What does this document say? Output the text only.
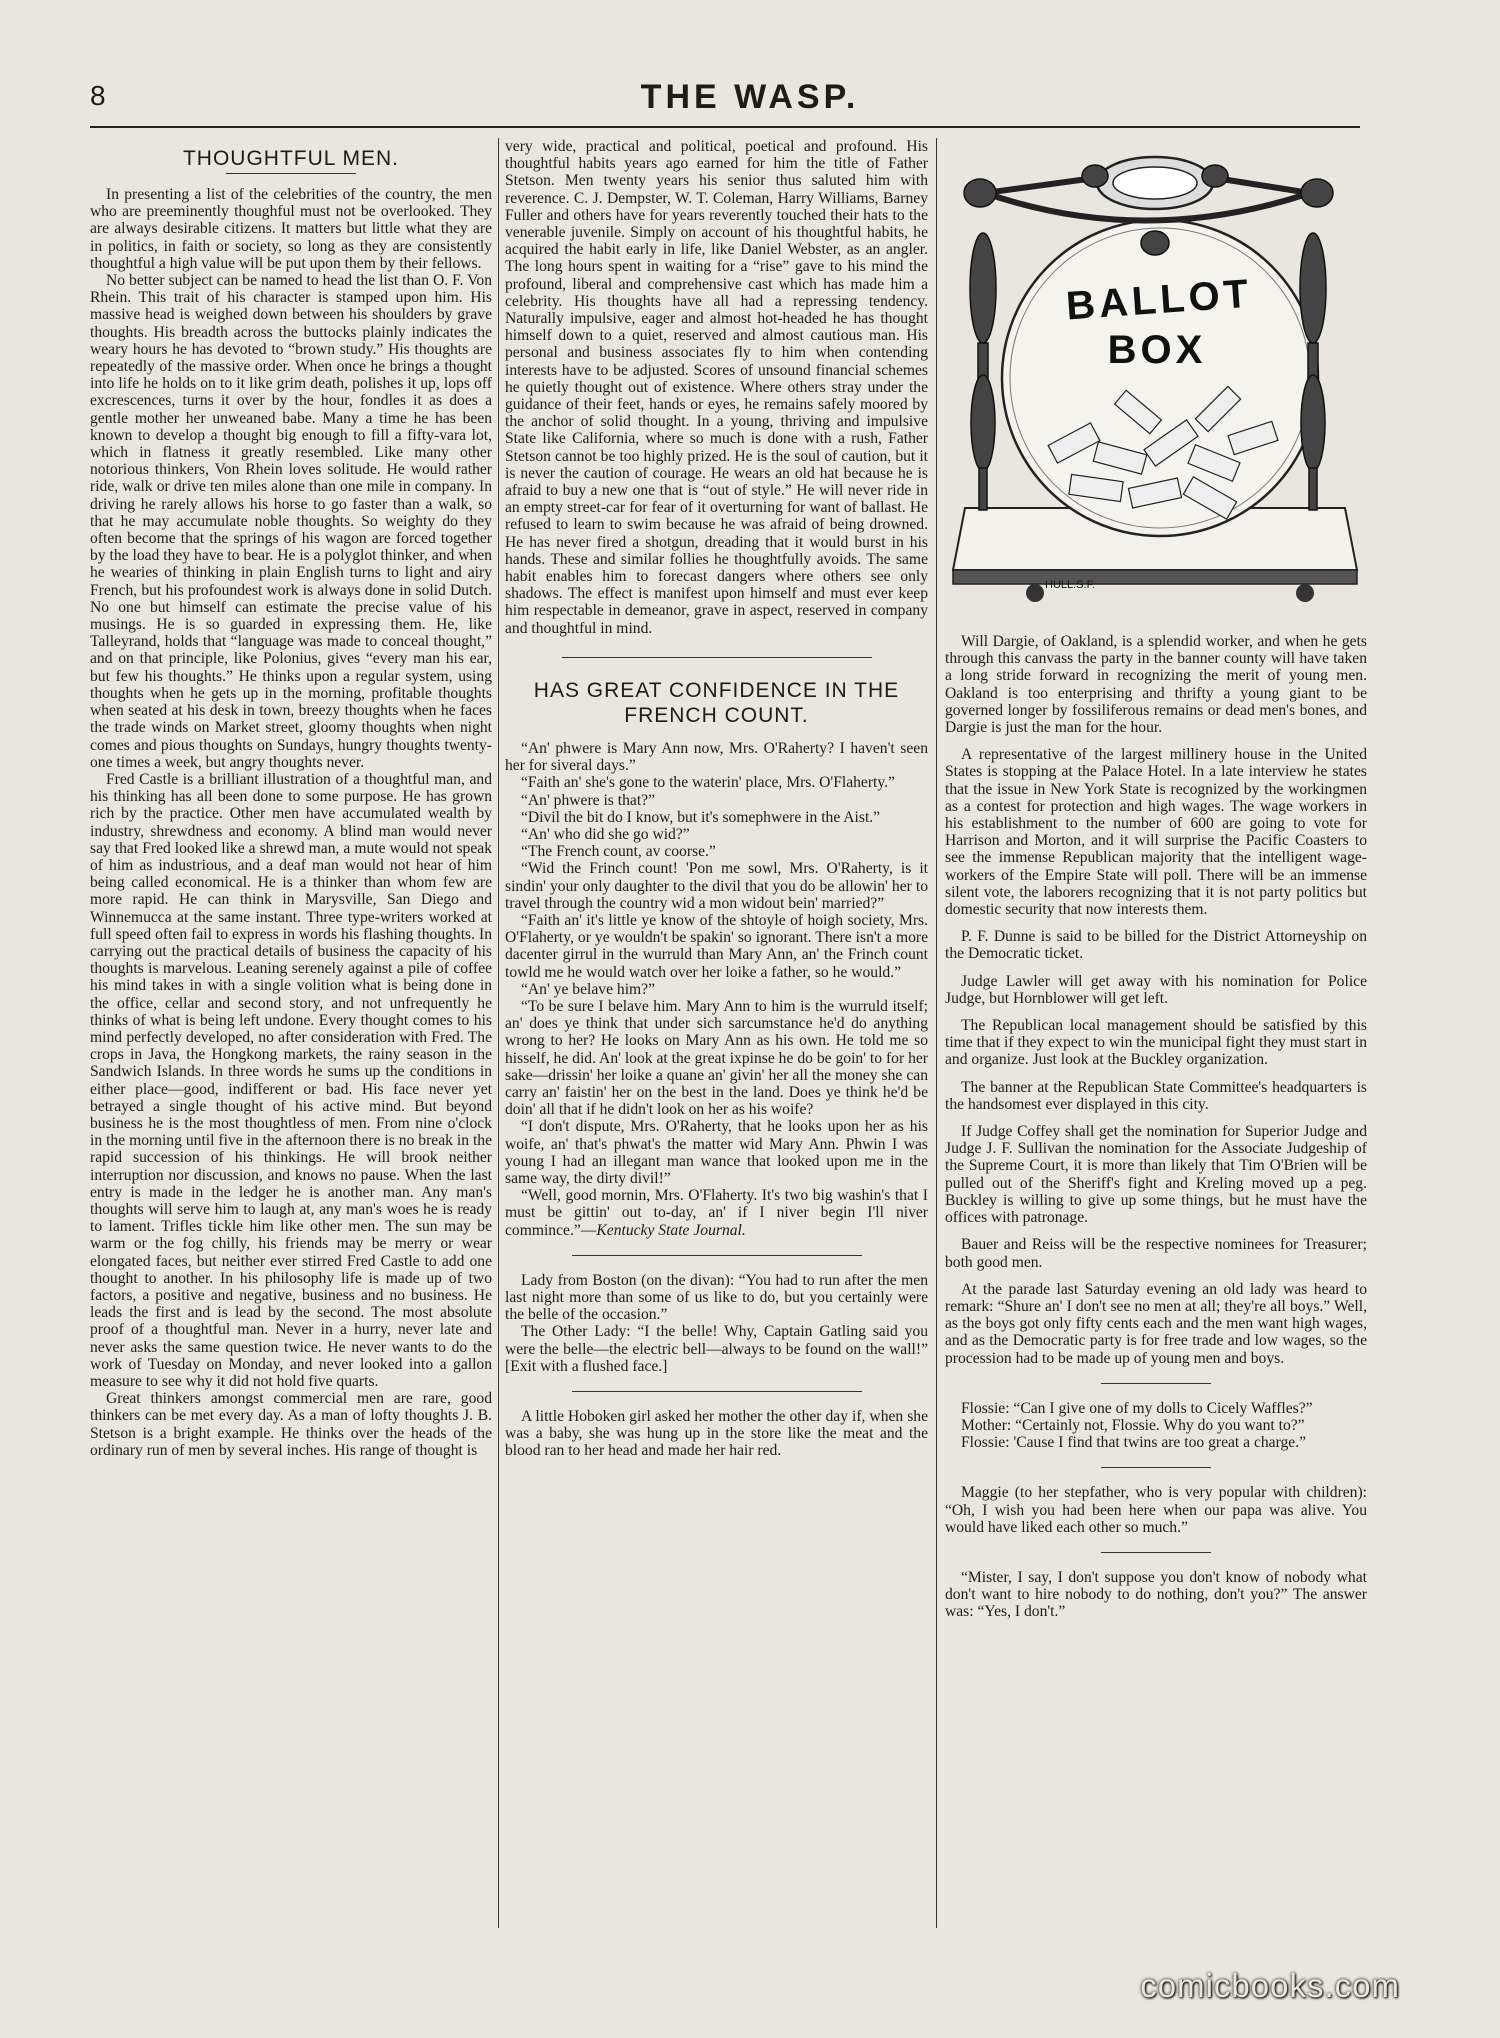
8	THE WASP.
THOUGHTFUL MEN.

In presenting a list of the celebrities of the country, the men who are preeminently thoughful must not be overlooked. They are always desirable citizens. It matters but little what they are in politics, in faith or society, so long as they are consistently thoughtful a high value will be put upon them by their fellows.

No better subject can be named to head the list than O. F. Von Rhein. This trait of his character is stamped upon him. His massive head is weighed down between his shoulders by grave thoughts. His breadth across the buttocks plainly indicates the weary hours he has devoted to “brown study.” His thoughts are repeatedly of the massive order. When once he brings a thought into life he holds on to it like grim death, polishes it up, lops off excrescences, turns it over by the hour, fondles it as does a gentle mother her unweaned babe. Many a time he has been known to develop a thought big enough to fill a fifty-vara lot, which in flatness it greatly resembled. Like many other notorious thinkers, Von Rhein loves solitude. He would rather ride, walk or drive ten miles alone than one mile in company. In driving he rarely allows his horse to go faster than a walk, so that he may accumulate noble thoughts. So weighty do they often become that the springs of his wagon are forced together by the load they have to bear. He is a polyglot thinker, and when he wearies of thinking in plain English turns to light and airy French, but his profoundest work is always done in solid Dutch. No one but himself can estimate the precise value of his musings. He is so guarded in expressing them. He, like Talleyrand, holds that “language was made to conceal thought,” and on that principle, like Polonius, gives “every man his ear, but few his thoughts.” He thinks upon a regular system, using thoughts when he gets up in the morning, profitable thoughts when seated at his desk in town, breezy thoughts when he faces the trade winds on Market street, gloomy thoughts when night comes and pious thoughts on Sundays, hungry thoughts twenty-one times a week, but angry thoughts never.

Fred Castle is a brilliant illustration of a thoughtful man, and his thinking has all been done to some purpose. He has grown rich by the practice. Other men have accumulated wealth by industry, shrewdness and economy. A blind man would never say that Fred looked like a shrewd man, a mute would not speak of him as industrious, and a deaf man would not hear of him being called economical. He is a thinker than whom few are more rapid. He can think in Marysville, San Diego and Winnemucca at the same instant. Three type-writers worked at full speed often fail to express in words his flashing thoughts. In carrying out the practical details of business the capacity of his thoughts is marvelous. Leaning serenely against a pile of coffee his mind takes in with a single volition what is being done in the office, cellar and second story, and not unfrequently he thinks of what is being left undone. Every thought comes to his mind perfectly developed, no after consideration with Fred. The crops in Java, the Hongkong markets, the rainy season in the Sandwich Islands. In three words he sums up the conditions in either place—good, indifferent or bad. His face never yet betrayed a single thought of his active mind. But beyond business he is the most thoughtless of men. From nine o'clock in the morning until five in the afternoon there is no break in the rapid succession of his thinkings. He will brook neither interruption nor discussion, and knows no pause. When the last entry is made in the ledger he is another man. Any man's thoughts will serve him to laugh at, any man's woes he is ready to lament. Trifles tickle him like other men. The sun may be warm or the fog chilly, his friends may be merry or wear elongated faces, but neither ever stirred Fred Castle to add one thought to another. In his philosophy life is made up of two factors, a positive and negative, business and no business. He leads the first and is lead by the second. The most absolute proof of a thoughtful man. Never in a hurry, never late and never asks the same question twice. He never wants to do the work of Tuesday on Monday, and never looked into a gallon measure to see why it did not hold five quarts.

Great thinkers amongst commercial men are rare, good thinkers can be met every day. As a man of lofty thoughts J. B. Stetson is a bright example. He thinks over the heads of the ordinary run of men by several inches. His range of thought is

very wide, practical and political, poetical and profound. His thoughtful habits years ago earned for him the title of Father Stetson. Men twenty years his senior thus saluted him with reverence. C. J. Dempster, W. T. Coleman, Harry Williams, Barney Fuller and others have for years reverently touched their hats to the venerable juvenile. Simply on account of his thoughtful habits, he acquired the habit early in life, like Daniel Webster, as an angler. The long hours spent in waiting for a “rise” gave to his mind the profound, liberal and comprehensive cast which has made him a celebrity. His thoughts have all had a repressing tendency. Naturally impulsive, eager and almost hot-headed he has thought himself down to a quiet, reserved and almost cautious man. His personal and business associates fly to him when contending interests have to be adjusted. Scores of unsound financial schemes he quietly thought out of existence. Where others stray under the guidance of their feet, hands or eyes, he remains safely moored by the anchor of solid thought. In a young, thriving and impulsive State like California, where so much is done with a rush, Father Stetson cannot be too highly prized. He is the soul of caution, but it is never the caution of courage. He wears an old hat because he is afraid to buy a new one that is “out of style.” He will never ride in an empty street-car for fear of it overturning for want of ballast. He refused to learn to swim because he was afraid of being drowned. He has never fired a shotgun, dreading that it would burst in his hands. These and similar follies he thoughtfully avoids. The same habit enables him to forecast dangers where others see only shadows. The effect is manifest upon himself and must ever keep him respectable in demeanor, grave in aspect, reserved in company and thoughtful in mind.

HAS GREAT CONFIDENCE IN THE FRENCH COUNT.

“An' phwere is Mary Ann now, Mrs. O'Raherty? I haven't seen her for siveral days.”

“Faith an' she's gone to the waterin' place, Mrs. O'Flaherty.”

“An' phwere is that?”

“Divil the bit do I know, but it's somephwere in the Aist.”

“An' who did she go wid?”

“The French count, av coorse.”

“Wid the Frinch count! 'Pon me sowl, Mrs. O'Raherty, is it sindin' your only daughter to the divil that you do be allowin' her to travel through the country wid a mon widout bein' married?”

“Faith an' it's little ye know of the shtoyle of hoigh society, Mrs. O'Flaherty, or ye wouldn't be spakin' so ignorant. There isn't a more dacenter girrul in the wurruld than Mary Ann, an' the Frinch count towld me he would watch over her loike a father, so he would.”

“An' ye belave him?”

“To be sure I belave him. Mary Ann to him is the wurruld itself; an' does ye think that under sich sarcumstance he'd do anything wrong to her? He looks on Mary Ann as his own. He told me so hisself, he did. An' look at the great ixpinse he do be goin' to for her sake—drissin' her loike a quane an' givin' her all the money she can carry an' faistin' her on the best in the land. Does ye think he'd be doin' all that if he didn't look on her as his woife?

“I don't dispute, Mrs. O'Raherty, that he looks upon her as his woife, an' that's phwat's the matter wid Mary Ann. Phwin I was young I had an illegant man wance that looked upon me in the same way, the dirty divil!”

“Well, good mornin, Mrs. O'Flaherty. It's two big washin's that I must be gittin' out to-day, an' if I niver begin I'll niver commince.”—Kentucky State Journal.

Lady from Boston (on the divan): “You had to run after the men last night more than some of us like to do, but you certainly were the belle of the occasion.”

The Other Lady: “I the belle! Why, Captain Gatling said you were the belle—the electric bell—always to be found on the wall!” [Exit with a flushed face.]

A little Hoboken girl asked her mother the other day if, when she was a baby, she was hung up in the store like the meat and the blood ran to her head and made her hair red.

BALLOT
BOX
HULL.S.F.

Will Dargie, of Oakland, is a splendid worker, and when he gets through this canvass the party in the banner county will have taken a long stride forward in recognizing the merit of young men. Oakland is too enterprising and thrifty a young giant to be governed longer by fossiliferous remains or dead men's bones, and Dargie is just the man for the hour.

A representative of the largest millinery house in the United States is stopping at the Palace Hotel. In a late interview he states that the issue in New York State is recognized by the workingmen as a contest for protection and high wages. The wage workers in his establishment to the number of 600 are going to vote for Harrison and Morton, and it will surprise the Pacific Coasters to see the immense Republican majority that the intelligent wage-workers of the Empire State will poll. There will be an immense silent vote, the laborers recognizing that it is not party politics but domestic security that now interests them.

P. F. Dunne is said to be billed for the District Attorneyship on the Democratic ticket.

Judge Lawler will get away with his nomination for Police Judge, but Hornblower will get left.

The Republican local management should be satisfied by this time that if they expect to win the municipal fight they must start in and organize. Just look at the Buckley organization.

The banner at the Republican State Committee's headquarters is the handsomest ever displayed in this city.

If Judge Coffey shall get the nomination for Superior Judge and Judge J. F. Sullivan the nomination for the Associate Judgeship of the Supreme Court, it is more than likely that Tim O'Brien will be pulled out of the Sheriff's fight and Kreling moved up a peg. Buckley is willing to give up some things, but he must have the offices with patronage.

Bauer and Reiss will be the respective nominees for Treasurer; both good men.

At the parade last Saturday evening an old lady was heard to remark: “Shure an' I don't see no men at all; they're all boys.” Well, as the boys got only fifty cents each and the men want high wages, and as the Democratic party is for free trade and low wages, so the procession had to be made up of young men and boys.

Flossie: “Can I give one of my dolls to Cicely Waffles?”

Mother: “Certainly not, Flossie. Why do you want to?”

Flossie: 'Cause I find that twins are too great a charge.”

Maggie (to her stepfather, who is very popular with children): “Oh, I wish you had been here when our papa was alive. You would have liked each other so much.”

“Mister, I say, I don't suppose you don't know of nobody what don't want to hire nobody to do nothing, don't you?” The answer was: “Yes, I don't.”

comicbooks.com
